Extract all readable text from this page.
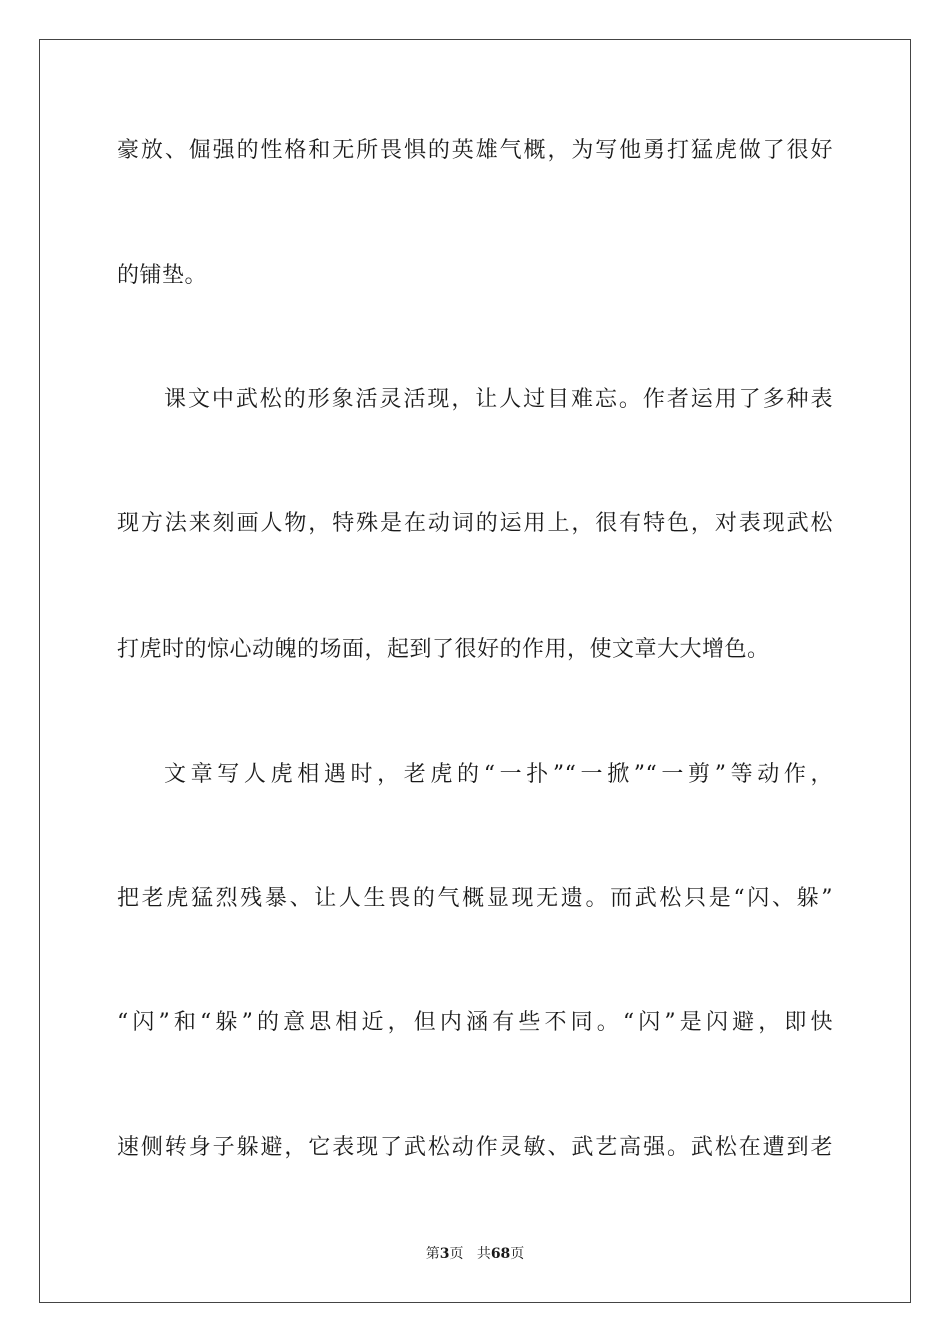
豪放、倔强的性格和无所畏惧的英雄气概，为写他勇打猛虎做了很好
的铺垫。
课文中武松的形象活灵活现，让人过目难忘。作者运用了多种表
现方法来刻画人物，特殊是在动词的运用上，很有特色，对表现武松
打虎时的惊心动魄的场面，起到了很好的作用，使文章大大增色。
文章写人虎相遇时，老虎的“一扑”“一掀”“一剪”等动作，
把老虎猛烈残暴、让人生畏的气概显现无遗。而武松只是“闪、躲”
“闪”和“躲”的意思相近，但内涵有些不同。“闪”是闪避，即快
速侧转身子躲避，它表现了武松动作灵敏、武艺高强。武松在遭到老
第3页 共68页
